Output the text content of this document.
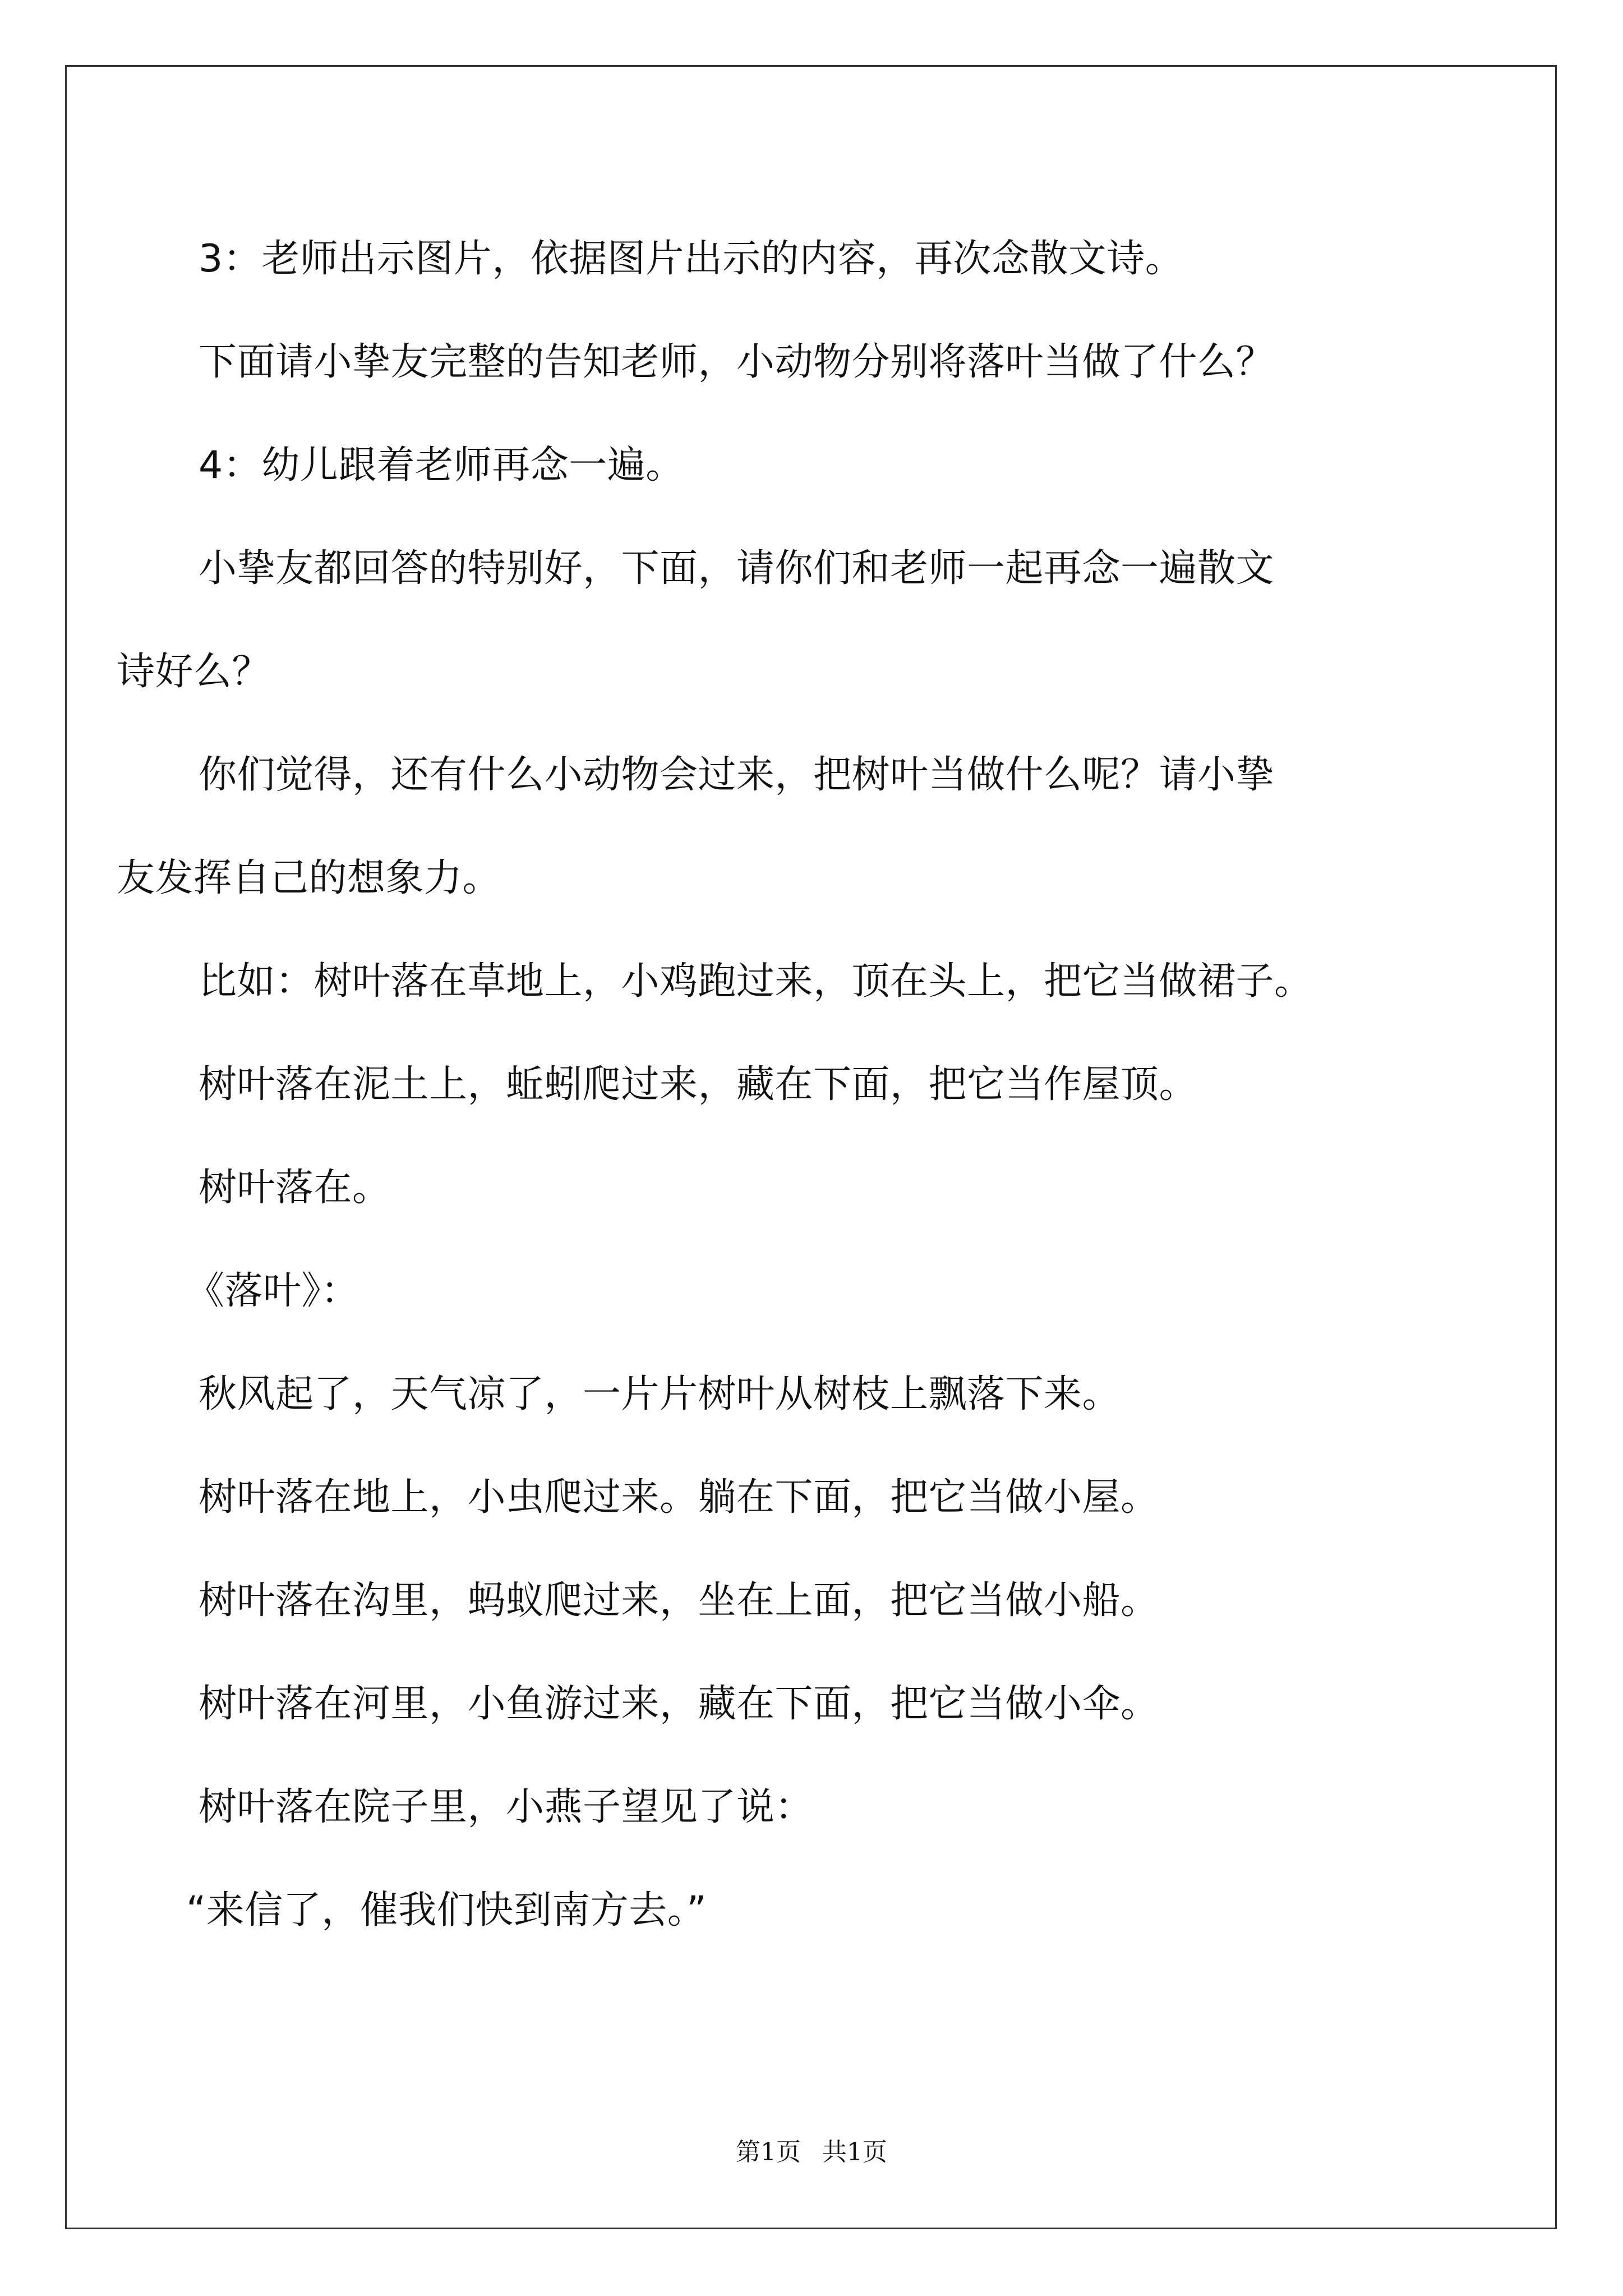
3：老师出示图片，依据图片出示的内容，再次念散文诗。

下面请小挚友完整的告知老师，小动物分别将落叶当做了什么？

4：幼儿跟着老师再念一遍。

小挚友都回答的特别好，下面，请你们和老师一起再念一遍散文

诗好么？

你们觉得，还有什么小动物会过来，把树叶当做什么呢？请小挚

友发挥自己的想象力。

比如：树叶落在草地上，小鸡跑过来，顶在头上，把它当做裙子。

树叶落在泥土上，蚯蚓爬过来，藏在下面，把它当作屋顶。

树叶落在。

《落叶》：

秋风起了，天气凉了，一片片树叶从树枝上飘落下来。

树叶落在地上，小虫爬过来。躺在下面，把它当做小屋。

树叶落在沟里，蚂蚁爬过来，坐在上面，把它当做小船。

树叶落在河里，小鱼游过来，藏在下面，把它当做小伞。

树叶落在院子里，小燕子望见了说：

“来信了，催我们快到南方去。”

第1页 共1页
